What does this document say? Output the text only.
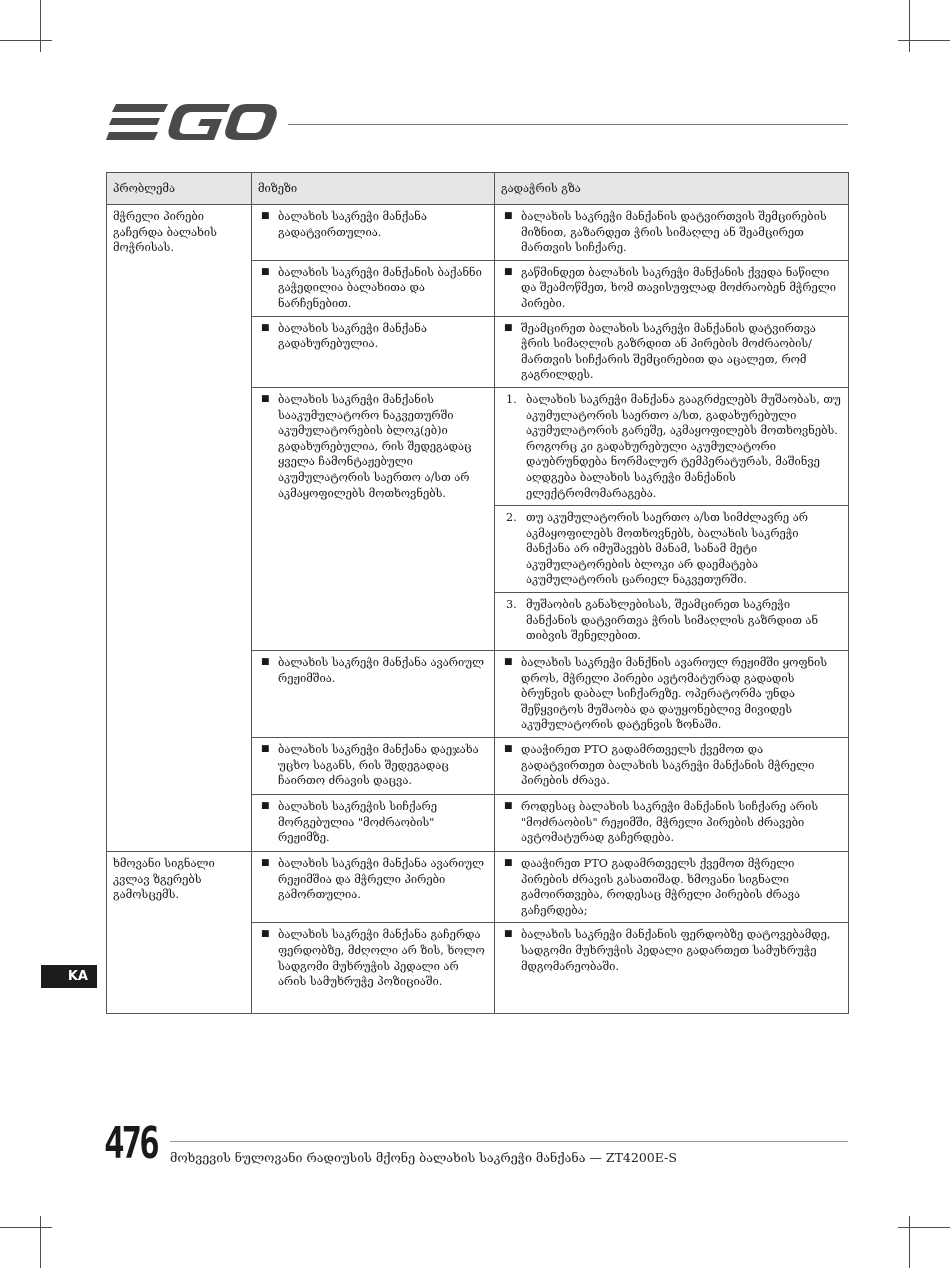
პრობლემა	მიზეზი	გადაჭრის გზა
მჭრელი პირები გაჩერდა ბალახის მოჭრისას.	■ ბალახის საკრეჭი მანქანა გადატვირთულია.	■ ბალახის საკრეჭი მანქანის დატვირთვის შემცირების მიზნით, გაზარდეთ ჭრის სიმაღლე ან შეამცირეთ მართვის სიჩქარე.

	■ ბალახის საკრეჭი მანქანის ბაქანნი გაჭედილია ბალახითა და ნარჩენებით.	■ გაწმინდეთ ბალახის საკრეჭი მანქანის ქვედა ნაწილი და შეამოწმეთ, ხომ თავისუფლად მოძრაობენ მჭრელი პირები.

	■ ბალახის საკრეჭი მანქანა გადახურებულია.	■ შეამცირეთ ბალახის საკრეჭი მანქანის დატვირთვა ჭრის სიმაღლის გაზრდით ან პირების მოძრაობის/მართვის სიჩქარის შემცირებით და აცალეთ, რომ გაგრილდეს.

	■ ბალახის საკრეჭი მანქანის სააკუმულატორო ნაკვეთურში აკუმულატორების ბლოკ(ებ)ი გადახურებულია, რის შედეგადაც ყველა ჩამონტაჟებული აკუმულატორის საერთო ა/სთ არ აკმაყოფილებს მოთხოვნებს.	1. ბალახის საკრეჭი მანქანა გააგრძელებს მუშაობას, თუ აკუმულატორის საერთო ა/სთ, გადახურებული აკუმულატორის გარეშე, აკმაყოფილებს მოთხოვნებს. როგორც კი გადახურებული აკუმულატორი დაუბრუნდება ნორმალურ ტემპერატურას, მაშინვე აღდგება ბალახის საკრეჭი მანქანის ელექტრომომარაგება.

		2. თუ აკუმულატორის საერთო ა/სთ სიმძლავრე არ აკმაყოფილებს მოთხოვნებს, ბალახის საკრეჭი მანქანა არ იმუშავებს მანამ, სანამ მეტი აკუმულატორების ბლოკი არ დაემატება აკუმულატორის ცარიელ ნაკვეთურში.

		3. მუშაობის განახლებისას, შეამცირეთ საკრეჭი მანქანის დატვირთვა ჭრის სიმაღლის გაზრდით ან თიბვის შენელებით.

	■ ბალახის საკრეჭი მანქანა ავარიულ რეჟიმშია.	■ ბალახის საკრეჭი მანქნის ავარიულ რეჟიმში ყოფნის დროს, მჭრელი პირები ავტომატურად გადადის ბრუნვის დაბალ სიჩქარეზე. ოპერატორმა უნდა შეწყვიტოს მუშაობა და დაუყონებლივ მივიდეს აკუმულატორის დატენვის ზონაში.

	■ ბალახის საკრეჭი მანქანა დაეჯახა უცხო საგანს, რის შედეგადაც ჩაირთო ძრავის დაცვა.	■ დააჭირეთ PTO გადამრთველს ქვემოთ და გადატვირთეთ ბალახის საკრეჭი მანქანის მჭრელი პირების ძრავა.

	■ ბალახის საკრეჭის სიჩქარე მორგებულია "მოძრაობის" რეჟიმზე.	■ როდესაც ბალახის საკრეჭი მანქანის სიჩქარე არის "მოძრაობის" რეჟიმში, მჭრელი პირების ძრავები ავტომატურად გაჩერდება.

ხმოვანი სიგნალი კვლავ ზგერებს გამოსცემს.	■ ბალახის საკრეჭი მანქანა ავარიულ რეჟიმშია და მჭრელი პირები გამორთულია.	■ დააჭირეთ PTO გადამრთველს ქვემოთ მჭრელი პირების ძრავის გასათიშად. ხმოვანი სიგნალი გამოირთვება, როდესაც მჭრელი პირების ძრავა გაჩერდება;

	■ ბალახის საკრეჭი მანქანა გაჩერდა ფერდობზე, მძღოლი არ ზის, ხოლო სადგომი მუხრუჭის პედალი არ არის სამუხრუჭე პოზიციაში.	■ ბალახის საკრეჭი მანქანის ფერდობზე დატოვებამდე, სადგომი მუხრუჭის პედალი გადართეთ სამუხრუჭე მდგომარეობაში.
KA
476 მოხვევის ნულოვანი რადიუსის მქონე ბალახის საკრეჭი მანქანა — ZT4200E-S
